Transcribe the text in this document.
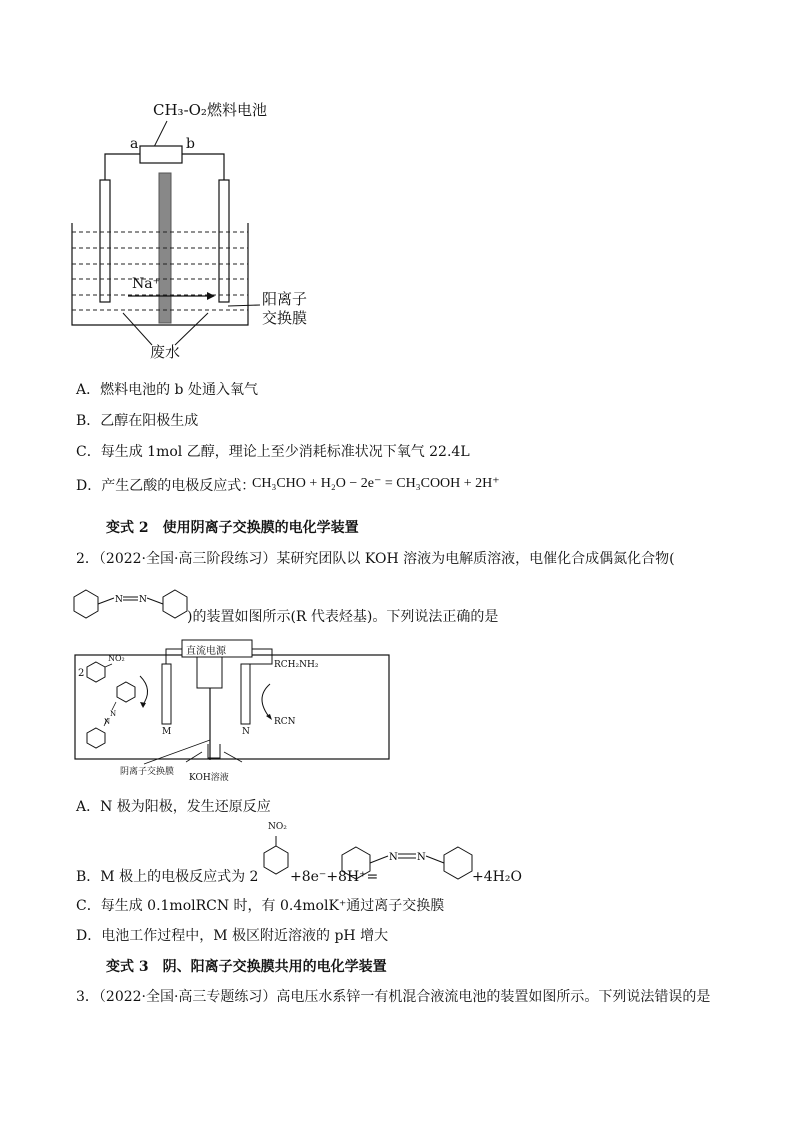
CH₃-O₂燃料电池
a	b
Na⁺
阳离子
交换膜
废水
A．燃料电池的 b 处通入氧气
B．乙醇在阳极生成
C．每生成 1mol 乙醇，理论上至少消耗标准状况下氧气 22.4L
D．产生乙酸的电极反应式：
CH₃CHO + H₂O − 2e⁻ = CH₃COOH + 2H⁺
变式 2　使用阴离子交换膜的电化学装置
2．（2022·全国·高三阶段练习）某研究团队以 KOH 溶液为电解质溶液，电催化合成偶氮化合物(
N N
)的装置如图所示(R 代表烃基)。下列说法正确的是
N
N
直流电源
2
NO₂
RCH₂NH₂
RCN
M	N
阴离子交换膜
KOH溶液
A．N 极为阳极，发生还原反应
B．M 极上的电极反应式为 2
NO₂
+8e⁻+8H⁺=
N N
+4H₂O
C．每生成 0.1molRCN 时，有 0.4molK⁺通过离子交换膜
D．电池工作过程中，M 极区附近溶液的 pH 增大
变式 3　阴、阳离子交换膜共用的电化学装置
3．（2022·全国·高三专题练习）高电压水系锌一有机混合液流电池的装置如图所示。下列说法错误的是
